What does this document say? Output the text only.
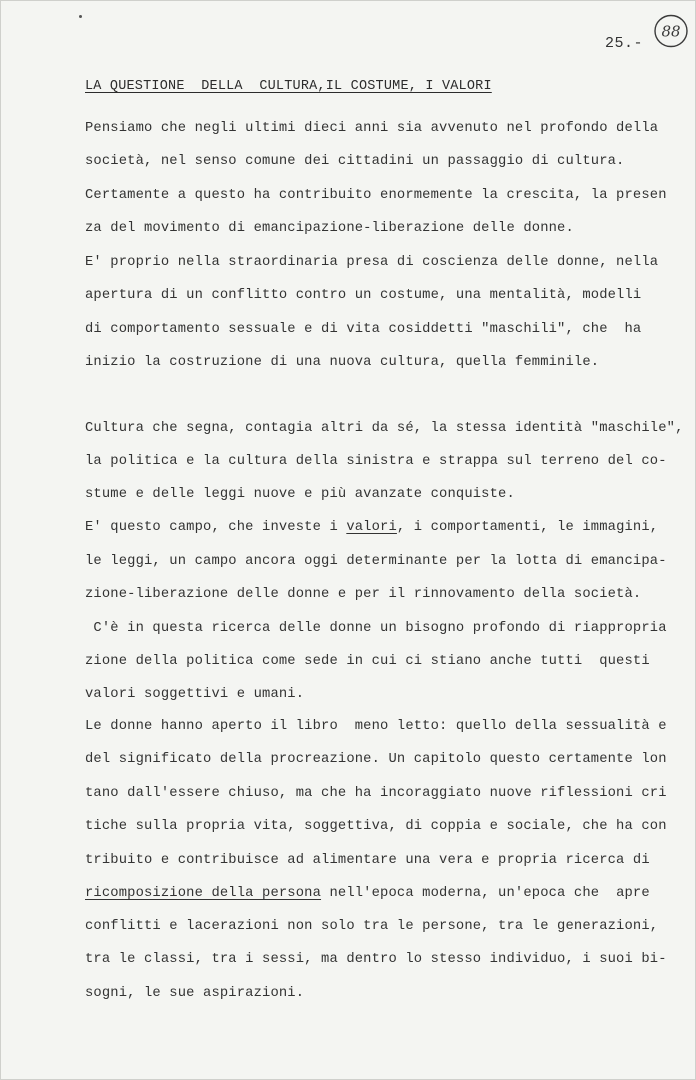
25.-
88
LA QUESTIONE  DELLA  CULTURA,IL COSTUME, I VALORI
Pensiamo che negli ultimi dieci anni sia avvenuto nel profondo della
società, nel senso comune dei cittadini un passaggio di cultura.
Certamente a questo ha contribuito enormemente la crescita, la presen
za del movimento di emancipazione-liberazione delle donne.
E' proprio nella straordinaria presa di coscienza delle donne, nella
apertura di un conflitto contro un costume, una mentalità, modelli
di comportamento sessuale e di vita cosiddetti "maschili", che  ha
inizio la costruzione di una nuova cultura, quella femminile.
Cultura che segna, contagia altri da sé, la stessa identità "maschile",
la politica e la cultura della sinistra e strappa sul terreno del co-
stume e delle leggi nuove e più avanzate conquiste.
E' questo campo, che investe i valori, i comportamenti, le immagini,
le leggi, un campo ancora oggi determinante per la lotta di emancipa-
zione-liberazione delle donne e per il rinnovamento della società.
C'è in questa ricerca delle donne un bisogno profondo di riappropria
zione della politica come sede in cui ci stiano anche tutti  questi
valori soggettivi e umani.
Le donne hanno aperto il libro  meno letto: quello della sessualità e
del significato della procreazione. Un capitolo questo certamente lon
tano dall'essere chiuso, ma che ha incoraggiato nuove riflessioni cri
tiche sulla propria vita, soggettiva, di coppia e sociale, che ha con
tribuito e contribuisce ad alimentare una vera e propria ricerca di
ricomposizione della persona nell'epoca moderna, un'epoca che  apre
conflitti e lacerazioni non solo tra le persone, tra le generazioni,
tra le classi, tra i sessi, ma dentro lo stesso individuo, i suoi bi-
sogni, le sue aspirazioni.
